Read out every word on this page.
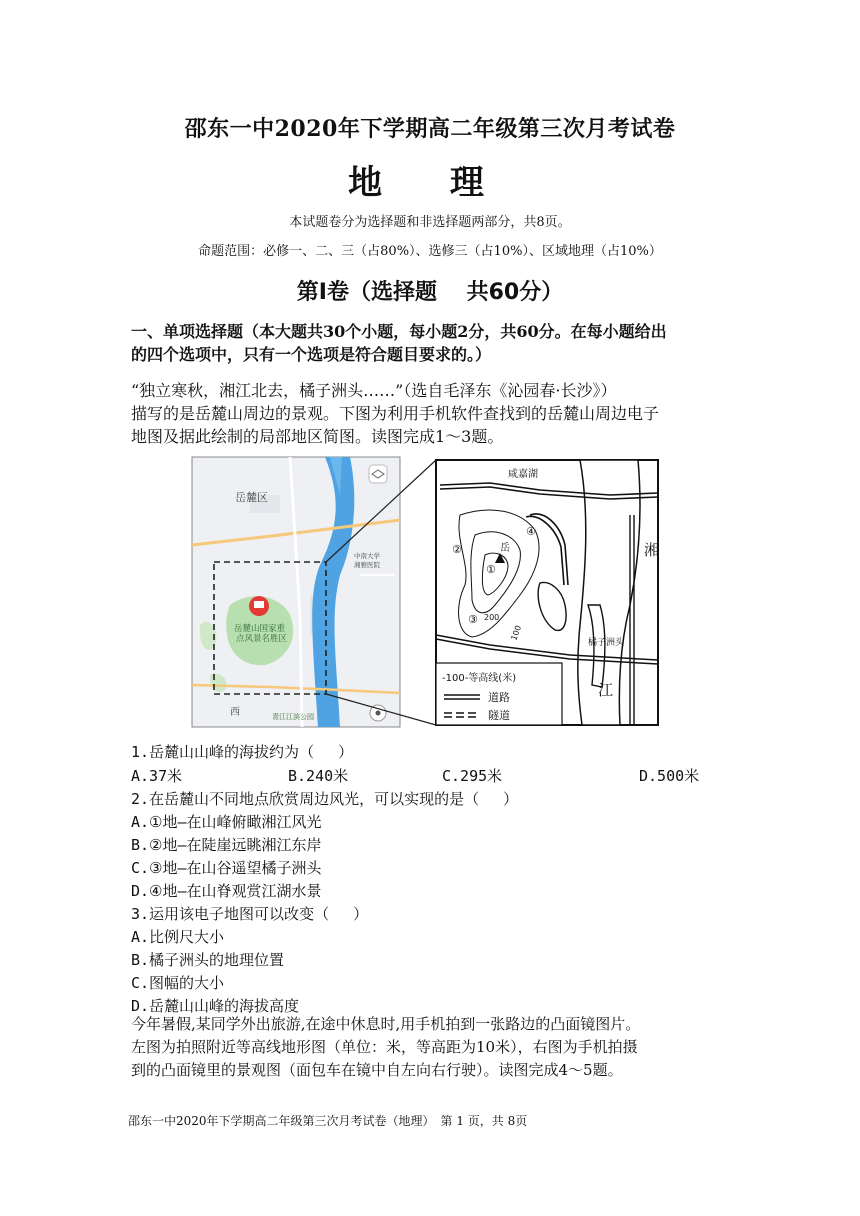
邵东一中2020年下学期高二年级第三次月考试卷
地 理
本试题卷分为选择题和非选择题两部分，共8页。
命题范围：必修一、二、三（占80%）、选修三（占10%）、区域地理（占10%）
第Ⅰ卷（选择题　 共60分）
一、单项选择题（本大题共30个小题，每小题2分，共60分。在每小题给出
的四个选项中，只有一个选项是符合题目要求的。）
“独立寒秋，湘江北去，橘子洲头……”（选自毛泽东《沁园春·长沙》）
描写的是岳麓山周边的景观。下图为利用手机软件查找到的岳麓山周边电子
地图及据此绘制的局部地区简图。读图完成1～3题。
岳麓区
岳麓山国家重
点风景名胜区
中南大学
湘雅医院
西	青江江滨公园
咸嘉湖
湘
江
橘子洲头
岳
①
②
③
④
200
100
-100-等高线(米)
道路
隧道
1.岳麓山山峰的海拔约为（　 ）
A.37米	B.240米	C.295米	D.500米
2.在岳麓山不同地点欣赏周边风光，可以实现的是（　 ）
A.①地—在山峰俯瞰湘江风光
B.②地—在陡崖远眺湘江东岸
C.③地—在山谷遥望橘子洲头
D.④地—在山脊观赏江湖水景
3.运用该电子地图可以改变（　 ）
A.比例尺大小
B.橘子洲头的地理位置
C.图幅的大小
D.岳麓山山峰的海拔高度
今年暑假,某同学外出旅游,在途中休息时,用手机拍到一张路边的凸面镜图片。
左图为拍照附近等高线地形图（单位：米，等高距为10米），右图为手机拍摄
到的凸面镜里的景观图（面包车在镜中自左向右行驶）。读图完成4～5题。
邵东一中2020年下学期高二年级第三次月考试卷（地理）　第 1 页，共 8页
